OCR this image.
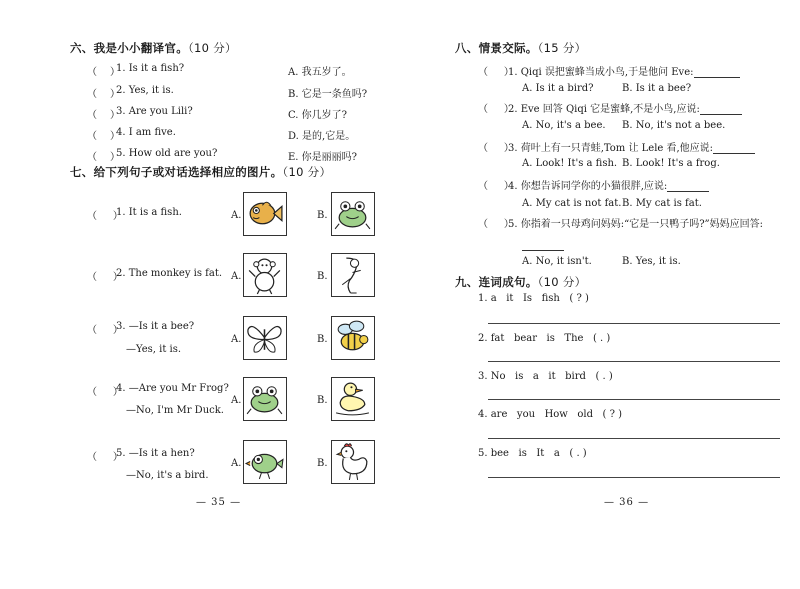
六、我是小小翻译官。（10 分）
（ ）
1. Is it a fish?	A. 我五岁了。
（ ）
2. Yes, it is.	B. 它是一条鱼吗?
（ ）
3. Are you Lili?	C. 你几岁了?
（ ）
4. I am five.	D. 是的,它是。
（ ）
5. How old are you?	E. 你是丽丽吗?
七、给下列句子或对话选择相应的图片。（10 分）
（     ）
1. It is a fish.	A.	B.
（     ）
2. The monkey is fat. A.	B.
（     ）
3. —Is it a bee?
—Yes, it is.
A.	B.
（     ）
4. —Are you Mr Frog?
—No, I'm Mr Duck.
A.	B.
（     ）
5. —Is it a hen?
—No, it's a bird.
A.	B.
— 35 —
八、情景交际。（15 分）
（     ）
1. Qiqi 误把蜜蜂当成小鸟,于是他问 Eve:
A. Is it a bird?	B. Is it a bee?
（     ）
2. Eve 回答 Qiqi 它是蜜蜂,不是小鸟,应说:
A. No, it's a bee. B. No, it's not a bee.
（     ）
3. 荷叶上有一只青蛙,Tom 让 Lele 看,他应说:
A. Look! It's a fish. B. Look! It's a frog.
（     ）
4. 你想告诉同学你的小猫很胖,应说:
A. My cat is not fat. B. My cat is fat.
（     ）
5. 你指着一只母鸡问妈妈:“它是一只鸭子吗?”妈妈应回答:
A. No, it isn't.	B. Yes, it is.
九、连词成句。（10 分）
1. a   it   Is   fish   ( ? )
2. fat   bear   is   The   ( . )
3. No   is   a   it   bird   ( . )
4. are   you   How   old   ( ? )
5. bee   is   It   a   ( . )
— 36 —
